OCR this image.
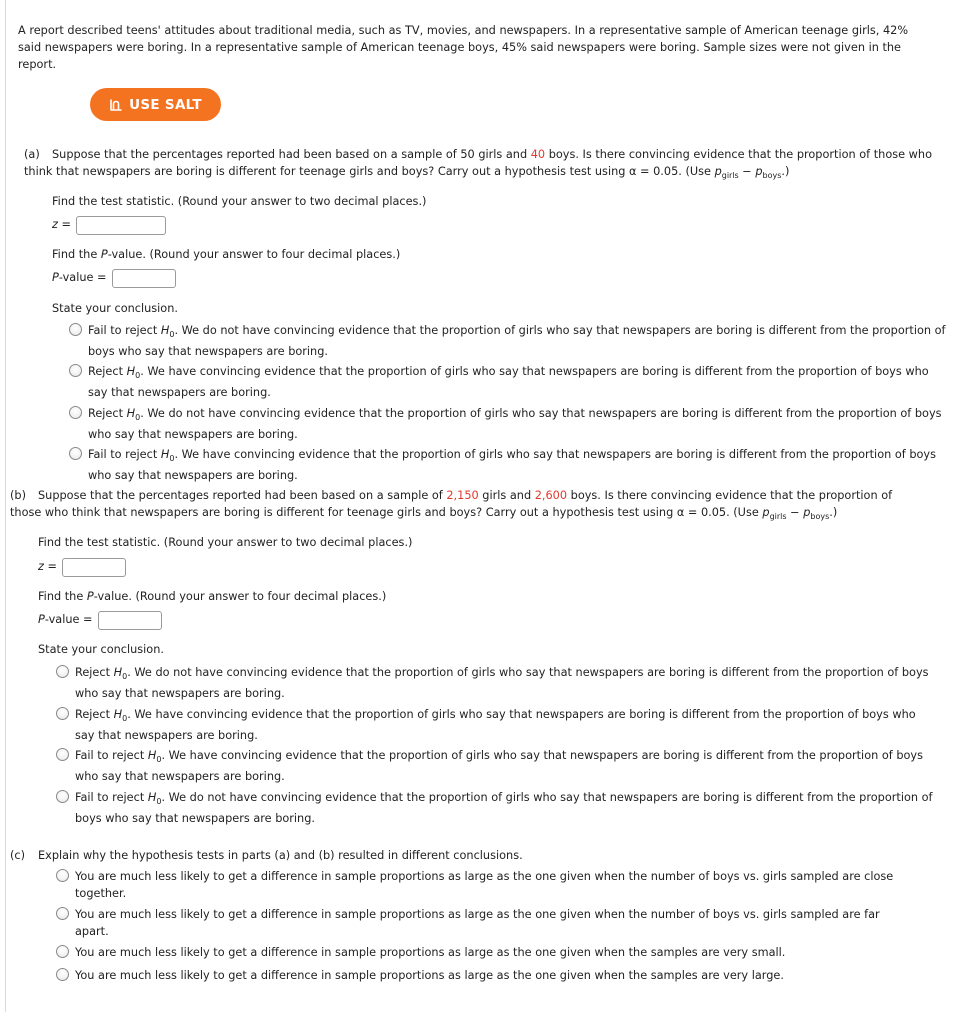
A report described teens' attitudes about traditional media, such as TV, movies, and newspapers. In a representative sample of American teenage girls, 42% said newspapers were boring. In a representative sample of American teenage boys, 45% said newspapers were boring. Sample sizes were not given in the report.
USE SALT
(a) Suppose that the percentages reported had been based on a sample of 50 girls and 40 boys. Is there convincing evidence that the proportion of those who think that newspapers are boring is different for teenage girls and boys? Carry out a hypothesis test using α = 0.05. (Use $p_{girls} - p_{boys}$.)
Find the test statistic. (Round your answer to two decimal places.)
z =
Find the P-value. (Round your answer to four decimal places.)
P-value =
State your conclusion.
Fail to reject $H_0$. We do not have convincing evidence that the proportion of girls who say that newspapers are boring is different from the proportion of boys who say that newspapers are boring.
Reject $H_0$. We have convincing evidence that the proportion of girls who say that newspapers are boring is different from the proportion of boys who say that newspapers are boring.
Reject $H_0$. We do not have convincing evidence that the proportion of girls who say that newspapers are boring is different from the proportion of boys who say that newspapers are boring.
Fail to reject $H_0$. We have convincing evidence that the proportion of girls who say that newspapers are boring is different from the proportion of boys who say that newspapers are boring.
(b) Suppose that the percentages reported had been based on a sample of 2,150 girls and 2,600 boys. Is there convincing evidence that the proportion of those who think that newspapers are boring is different for teenage girls and boys? Carry out a hypothesis test using α = 0.05. (Use $p_{girls} - p_{boys}$.)
Find the test statistic. (Round your answer to two decimal places.)
z =
Find the P-value. (Round your answer to four decimal places.)
P-value =
State your conclusion.
Reject $H_0$. We do not have convincing evidence that the proportion of girls who say that newspapers are boring is different from the proportion of boys who say that newspapers are boring.
Reject $H_0$. We have convincing evidence that the proportion of girls who say that newspapers are boring is different from the proportion of boys who say that newspapers are boring.
Fail to reject $H_0$. We have convincing evidence that the proportion of girls who say that newspapers are boring is different from the proportion of boys who say that newspapers are boring.
Fail to reject $H_0$. We do not have convincing evidence that the proportion of girls who say that newspapers are boring is different from the proportion of boys who say that newspapers are boring.
(c) Explain why the hypothesis tests in parts (a) and (b) resulted in different conclusions.
You are much less likely to get a difference in sample proportions as large as the one given when the number of boys vs. girls sampled are close together.
You are much less likely to get a difference in sample proportions as large as the one given when the number of boys vs. girls sampled are far apart.
You are much less likely to get a difference in sample proportions as large as the one given when the samples are very small.
You are much less likely to get a difference in sample proportions as large as the one given when the samples are very large.
